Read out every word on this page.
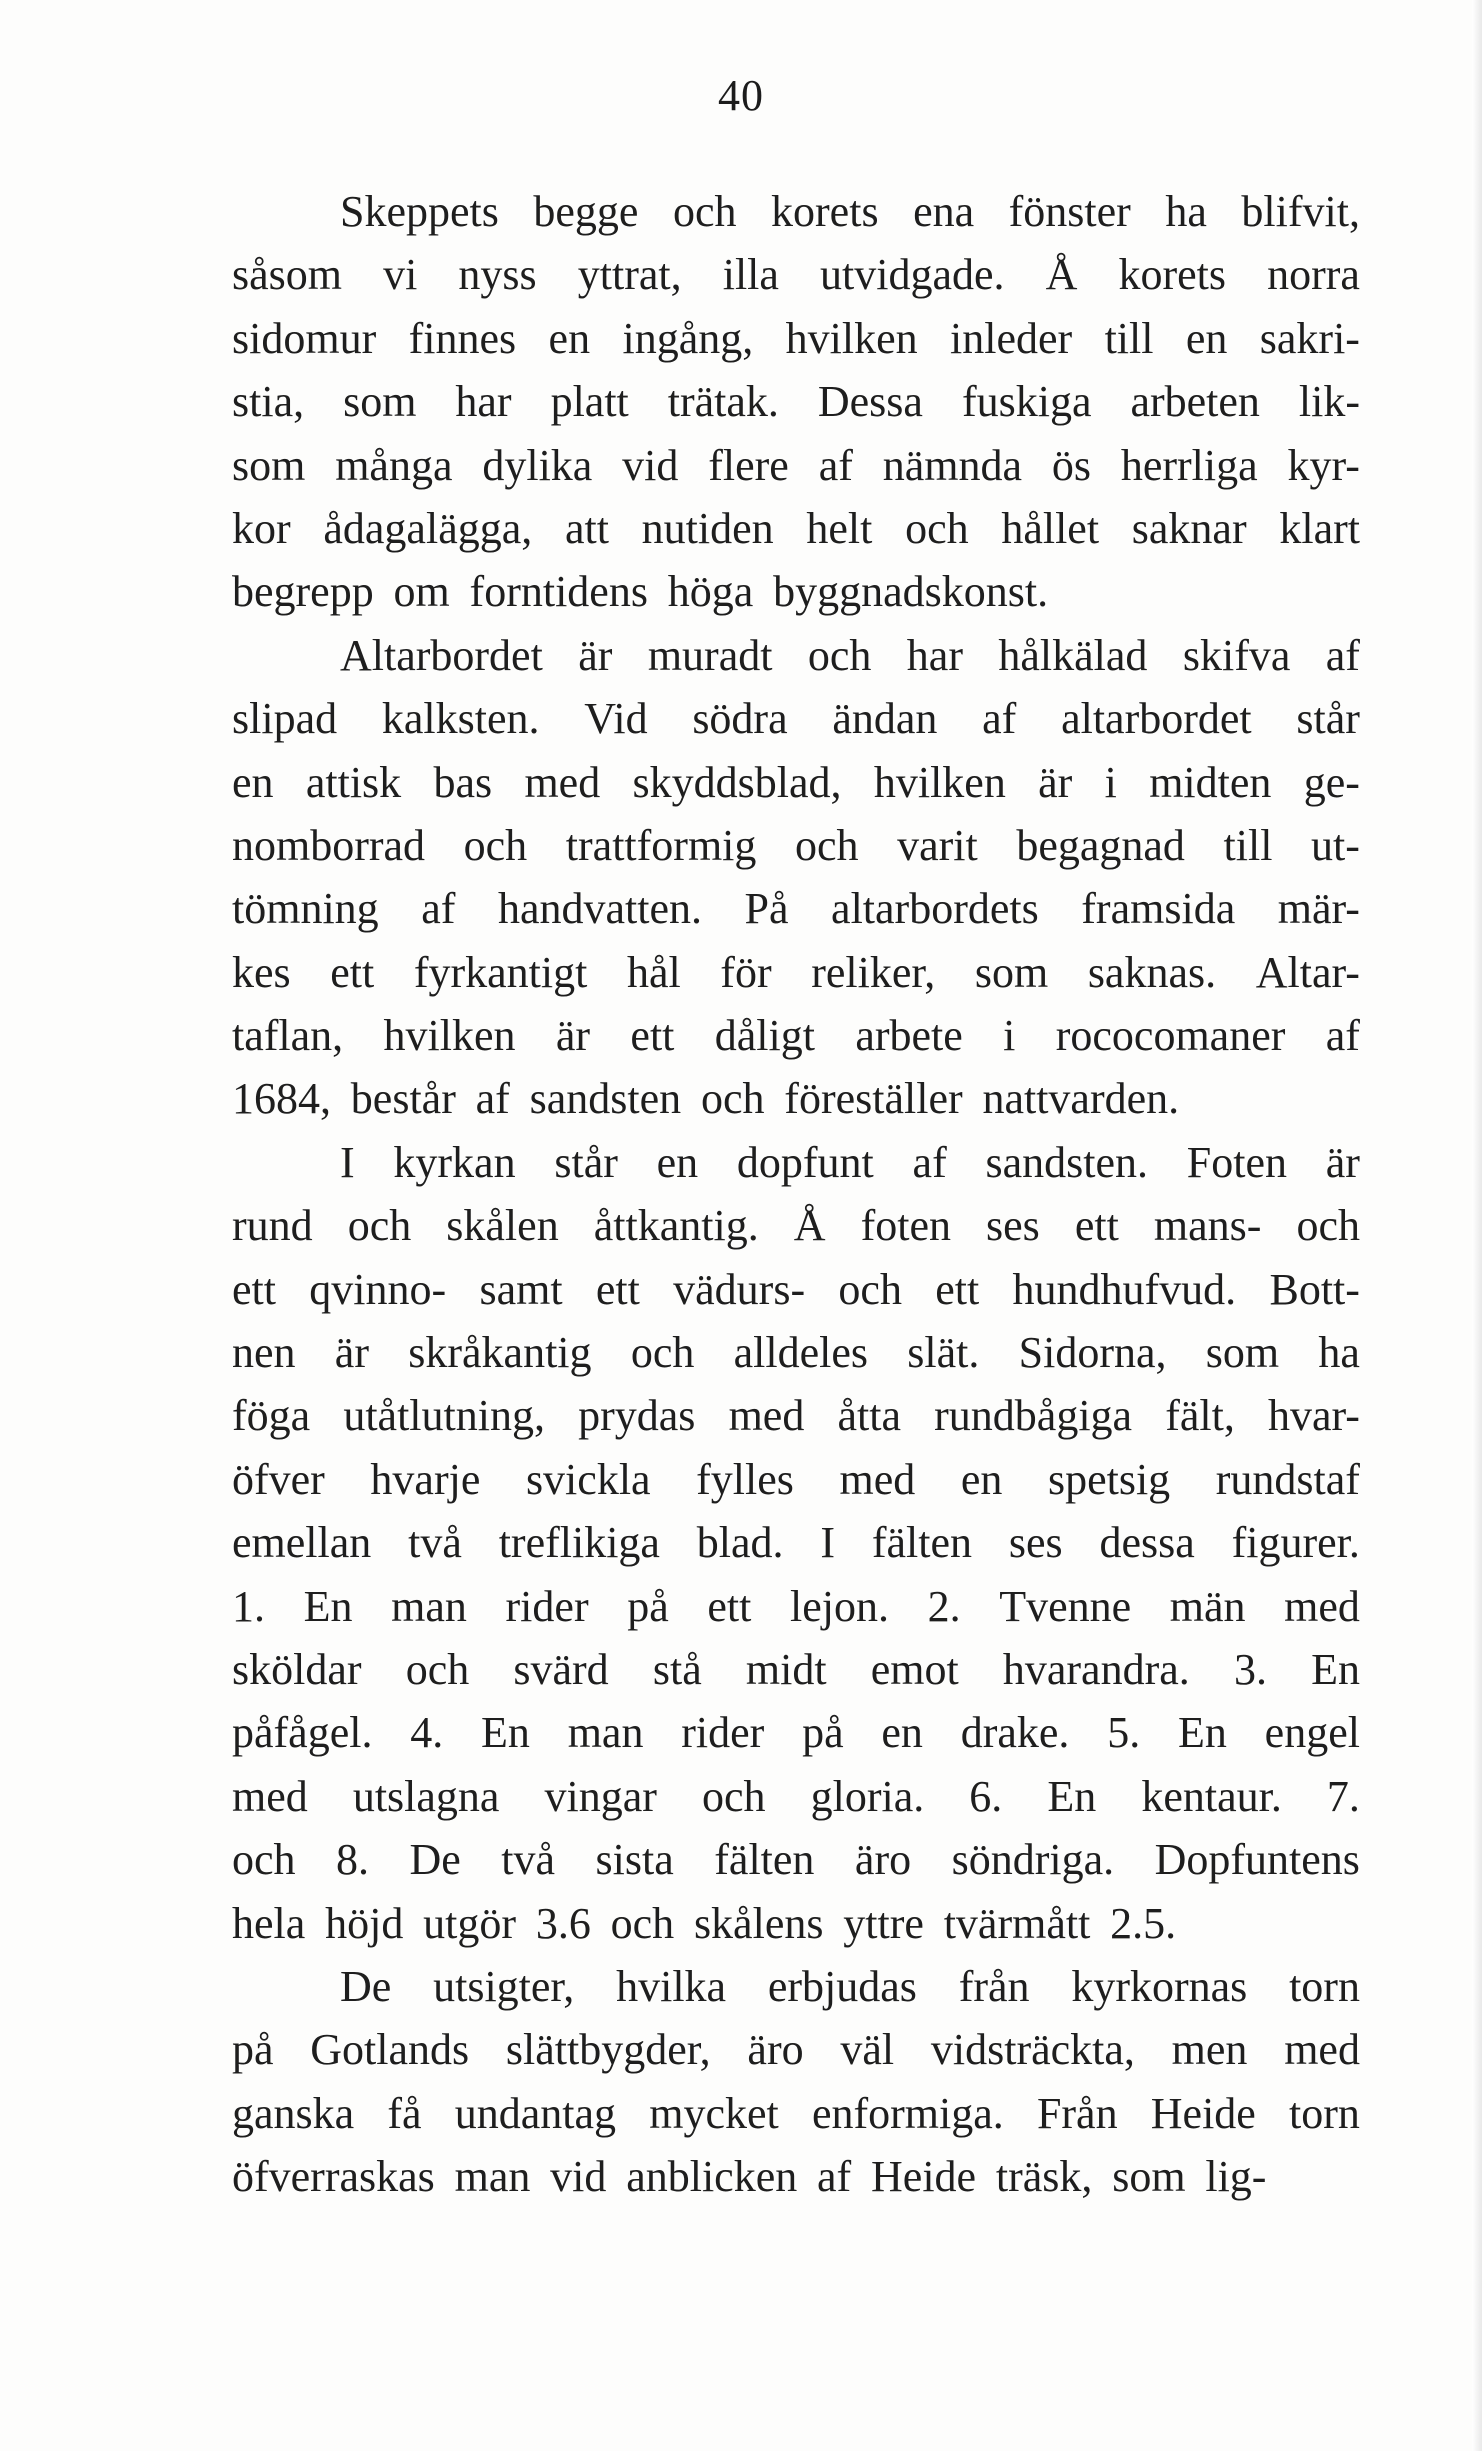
40
Skeppets begge och korets ena fönster ha blifvit,
såsom vi nyss yttrat, illa utvidgade. Å korets norra
sidomur finnes en ingång, hvilken inleder till en sakri-
stia, som har platt trätak. Dessa fuskiga arbeten lik-
som många dylika vid flere af nämnda ös herrliga kyr-
kor ådagalägga, att nutiden helt och hållet saknar klart
begrepp om forntidens höga byggnadskonst.
Altarbordet är muradt och har hålkälad skifva af
slipad kalksten. Vid södra ändan af altarbordet står
en attisk bas med skyddsblad, hvilken är i midten ge-
nomborrad och trattformig och varit begagnad till ut-
tömning af handvatten. På altarbordets framsida mär-
kes ett fyrkantigt hål för reliker, som saknas. Altar-
taflan, hvilken är ett dåligt arbete i rococomaner af
1684, består af sandsten och föreställer nattvarden.
I kyrkan står en dopfunt af sandsten. Foten är
rund och skålen åttkantig. Å foten ses ett mans- och
ett qvinno- samt ett vädurs- och ett hundhufvud. Bott-
nen är skråkantig och alldeles slät. Sidorna, som ha
föga utåtlutning, prydas med åtta rundbågiga fält, hvar-
öfver hvarje svickla fylles med en spetsig rundstaf
emellan två treflikiga blad. I fälten ses dessa figurer.
1. En man rider på ett lejon. 2. Tvenne män med
sköldar och svärd stå midt emot hvarandra. 3. En
påfågel. 4. En man rider på en drake. 5. En engel
med utslagna vingar och gloria. 6. En kentaur. 7.
och 8. De två sista fälten äro söndriga. Dopfuntens
hela höjd utgör 3.6 och skålens yttre tvärmått 2.5.
De utsigter, hvilka erbjudas från kyrkornas torn
på Gotlands slättbygder, äro väl vidsträckta, men med
ganska få undantag mycket enformiga. Från Heide torn
öfverraskas man vid anblicken af Heide träsk, som lig-
